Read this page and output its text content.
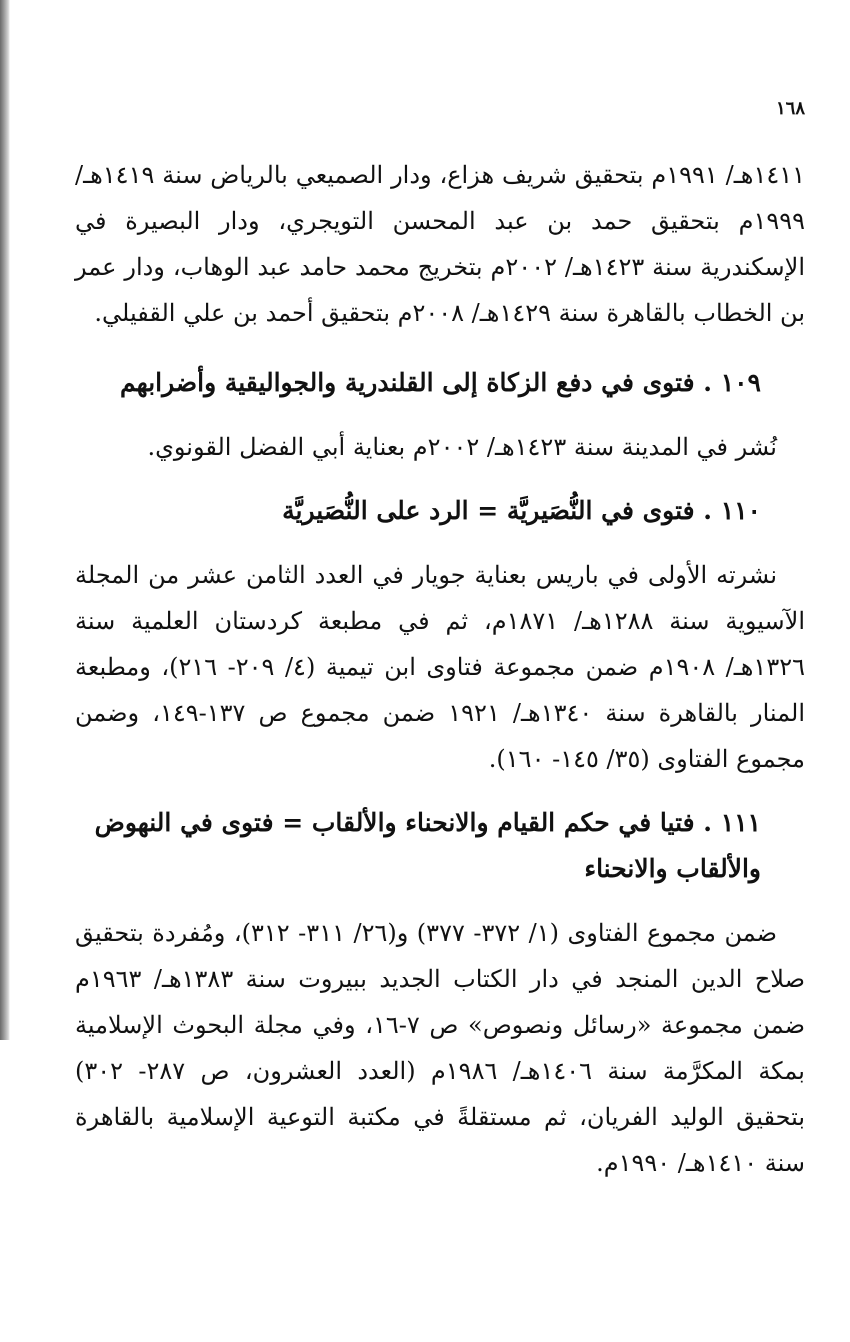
١٦٨

١٤١١هـ/ ١٩٩١م بتحقيق شريف هزاع، ودار الصميعي بالرياض سنة ١٤١٩هـ/ ١٩٩٩م بتحقيق حمد بن عبد المحسن التويجري، ودار البصيرة في الإسكندرية سنة ١٤٢٣هـ/ ٢٠٠٢م بتخريج محمد حامد عبد الوهاب، ودار عمر بن الخطاب بالقاهرة سنة ١٤٢٩هـ/ ٢٠٠٨م بتحقيق أحمد بن علي القفيلي.

١٠٩ . فتوى في دفع الزكاة إلى القلندرية والجواليقية وأضرابهم

نُشر في المدينة سنة ١٤٢٣هـ/ ٢٠٠٢م بعناية أبي الفضل القونوي.

١١٠ . فتوى في النُّصَيريَّة = الرد على النُّصَيريَّة

نشرته الأولى في باريس بعناية جويار في العدد الثامن عشر من المجلة الآسيوية سنة ١٢٨٨هـ/ ١٨٧١م، ثم في مطبعة كردستان العلمية سنة ١٣٢٦هـ/ ١٩٠٨م ضمن مجموعة فتاوى ابن تيمية (٤/ ٢٠٩- ٢١٦)، ومطبعة المنار بالقاهرة سنة ١٣٤٠هـ/ ١٩٢١ ضمن مجموع ص ١٣٧-١٤٩، وضمن مجموع الفتاوى (٣٥/ ١٤٥- ١٦٠).

١١١ . فتيا في حكم القيام والانحناء والألقاب = فتوى في النهوض والألقاب والانحناء

ضمن مجموع الفتاوى (١/ ٣٧٢- ٣٧٧) و(٢٦/ ٣١١- ٣١٢)، ومُفردة بتحقيق صلاح الدين المنجد في دار الكتاب الجديد ببيروت سنة ١٣٨٣هـ/ ١٩٦٣م ضمن مجموعة «رسائل ونصوص» ص ٧-١٦، وفي مجلة البحوث الإسلامية بمكة المكرَّمة سنة ١٤٠٦هـ/ ١٩٨٦م (العدد العشرون، ص ٢٨٧- ٣٠٢) بتحقيق الوليد الفريان، ثم مستقلةً في مكتبة التوعية الإسلامية بالقاهرة سنة ١٤١٠هـ/ ١٩٩٠م.
